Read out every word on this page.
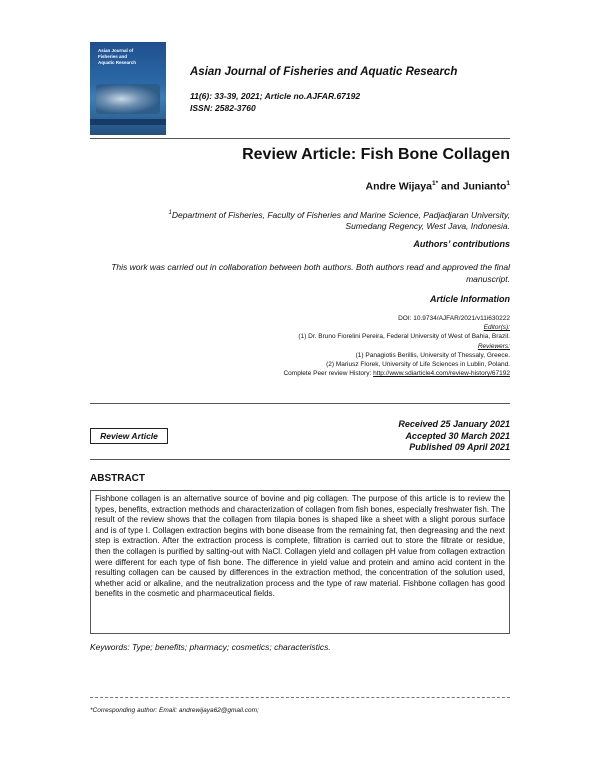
Asian Journal of
Fisheries and
Aquatic Research
Asian Journal of Fisheries and Aquatic Research
11(6): 33-39, 2021; Article no.AJFAR.67192
ISSN: 2582-3760
Review Article: Fish Bone Collagen
Andre Wijaya$^{1*}$ and Junianto$^1$
$^1$Department of Fisheries, Faculty of Fisheries and Marine Science, Padjadjaran University, Sumedang Regency, West Java, Indonesia.
Authors’ contributions
This work was carried out in collaboration between both authors. Both authors read and approved the final manuscript.
Article Information
DOI: 10.9734/AJFAR/2021/v11i630222
Editor(s):
(1) Dr. Bruno Fiorelini Pereira, Federal University of West of Bahia, Brazil.
Reviewers:
(1) Panagiotis Berillis, University of Thessaly, Greece.
(2) Mariusz Florek, University of Life Sciences in Lublin, Poland.
Complete Peer review History: http://www.sdiarticle4.com/review-history/67192
Review Article
Received 25 January 2021
Accepted 30 March 2021
Published 09 April 2021
ABSTRACT
Fishbone collagen is an alternative source of bovine and pig collagen. The purpose of this article is to review the types, benefits, extraction methods and characterization of collagen from fish bones, especially freshwater fish. The result of the review shows that the collagen from tilapia bones is shaped like a sheet with a slight porous surface and is of type I. Collagen extraction begins with bone disease from the remaining fat, then degreasing and the next step is extraction. After the extraction process is complete, filtration is carried out to store the filtrate or residue, then the collagen is purified by salting-out with NaCl. Collagen yield and collagen pH value from collagen extraction were different for each type of fish bone. The difference in yield value and protein and amino acid content in the resulting collagen can be caused by differences in the extraction method, the concentration of the solution used, whether acid or alkaline, and the neutralization process and the type of raw material. Fishbone collagen has good benefits in the cosmetic and pharmaceutical fields.
Keywords: Type; benefits; pharmacy; cosmetics; characteristics.
*Corresponding author: Email: andrewijaya62@gmail.com;
